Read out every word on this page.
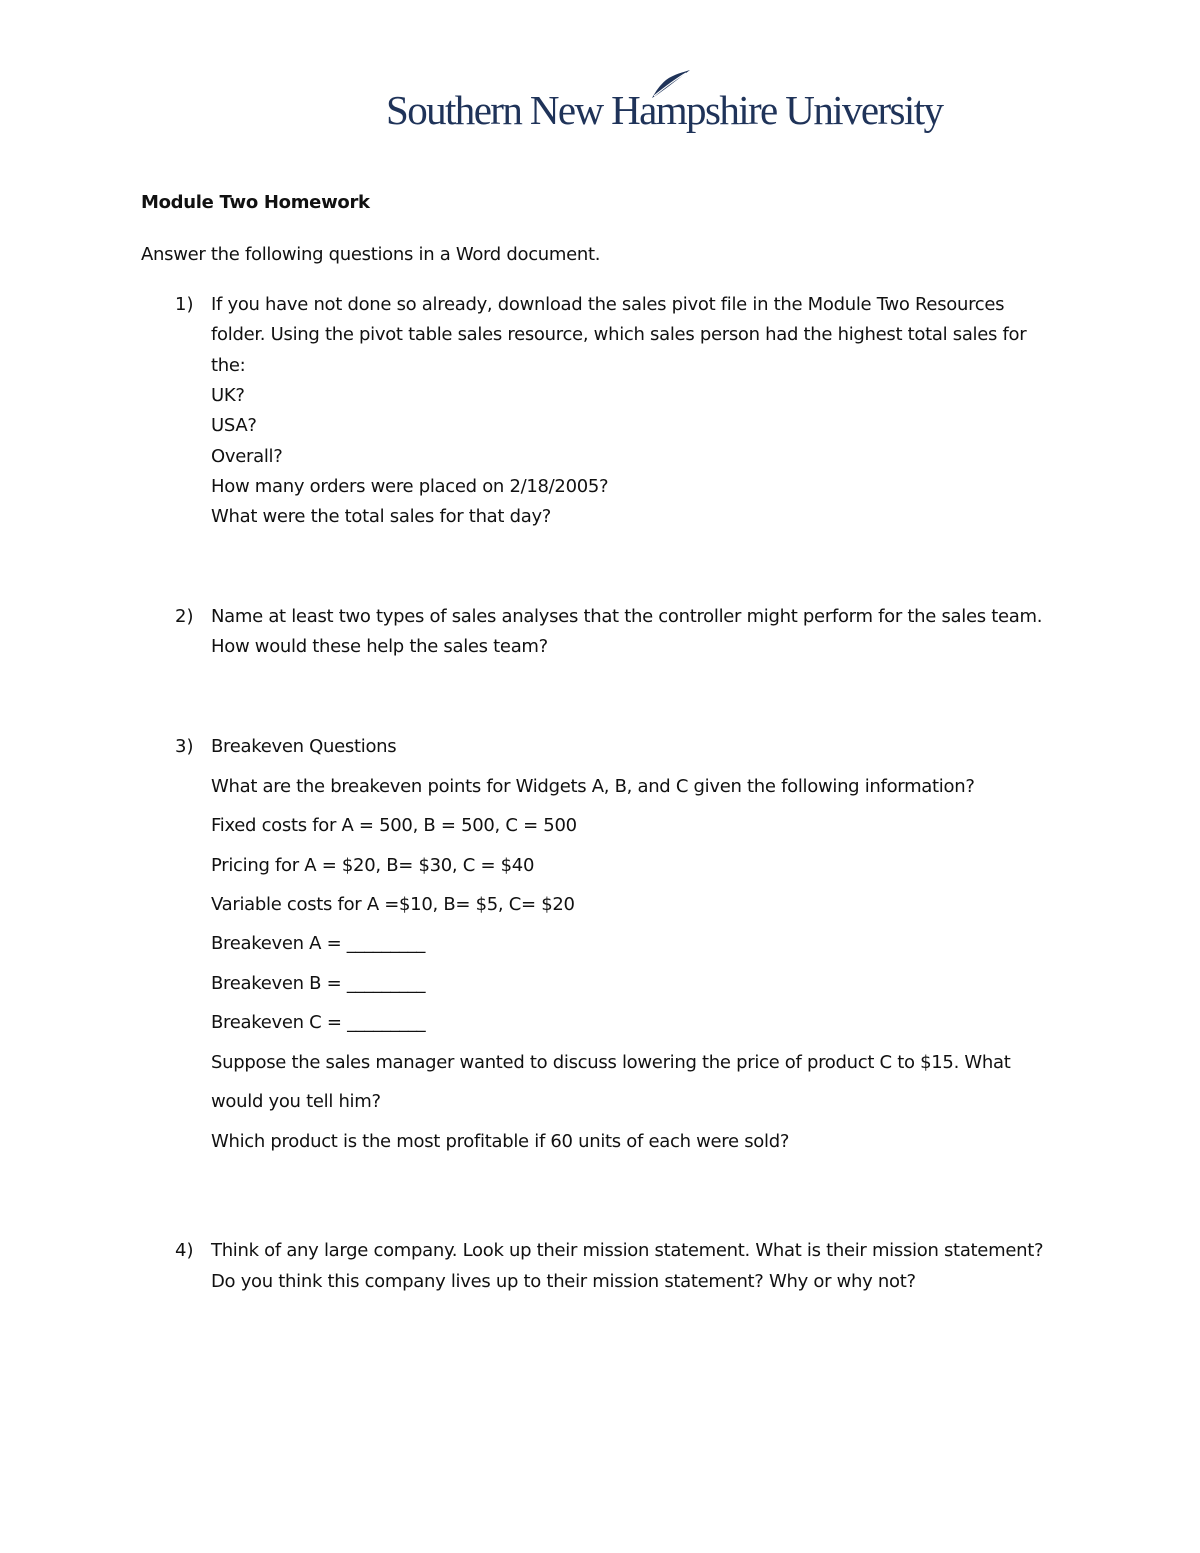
Southern New Hampshire University
Module Two Homework
Answer the following questions in a Word document.
1) If you have not done so already, download the sales pivot file in the Module Two Resources
folder. Using the pivot table sales resource, which sales person had the highest total sales for
the:
UK?
USA?
Overall?
How many orders were placed on 2/18/2005?
What were the total sales for that day?
2) Name at least two types of sales analyses that the controller might perform for the sales team.
How would these help the sales team?
3) Breakeven Questions
What are the breakeven points for Widgets A, B, and C given the following information?
Fixed costs for A = 500, B = 500, C = 500
Pricing for A = $20, B= $30, C = $40
Variable costs for A =$10, B= $5, C= $20
Breakeven A = _________
Breakeven B = _________
Breakeven C = _________
Suppose the sales manager wanted to discuss lowering the price of product C to $15. What
would you tell him?
Which product is the most profitable if 60 units of each were sold?
4) Think of any large company. Look up their mission statement. What is their mission statement?
Do you think this company lives up to their mission statement? Why or why not?
